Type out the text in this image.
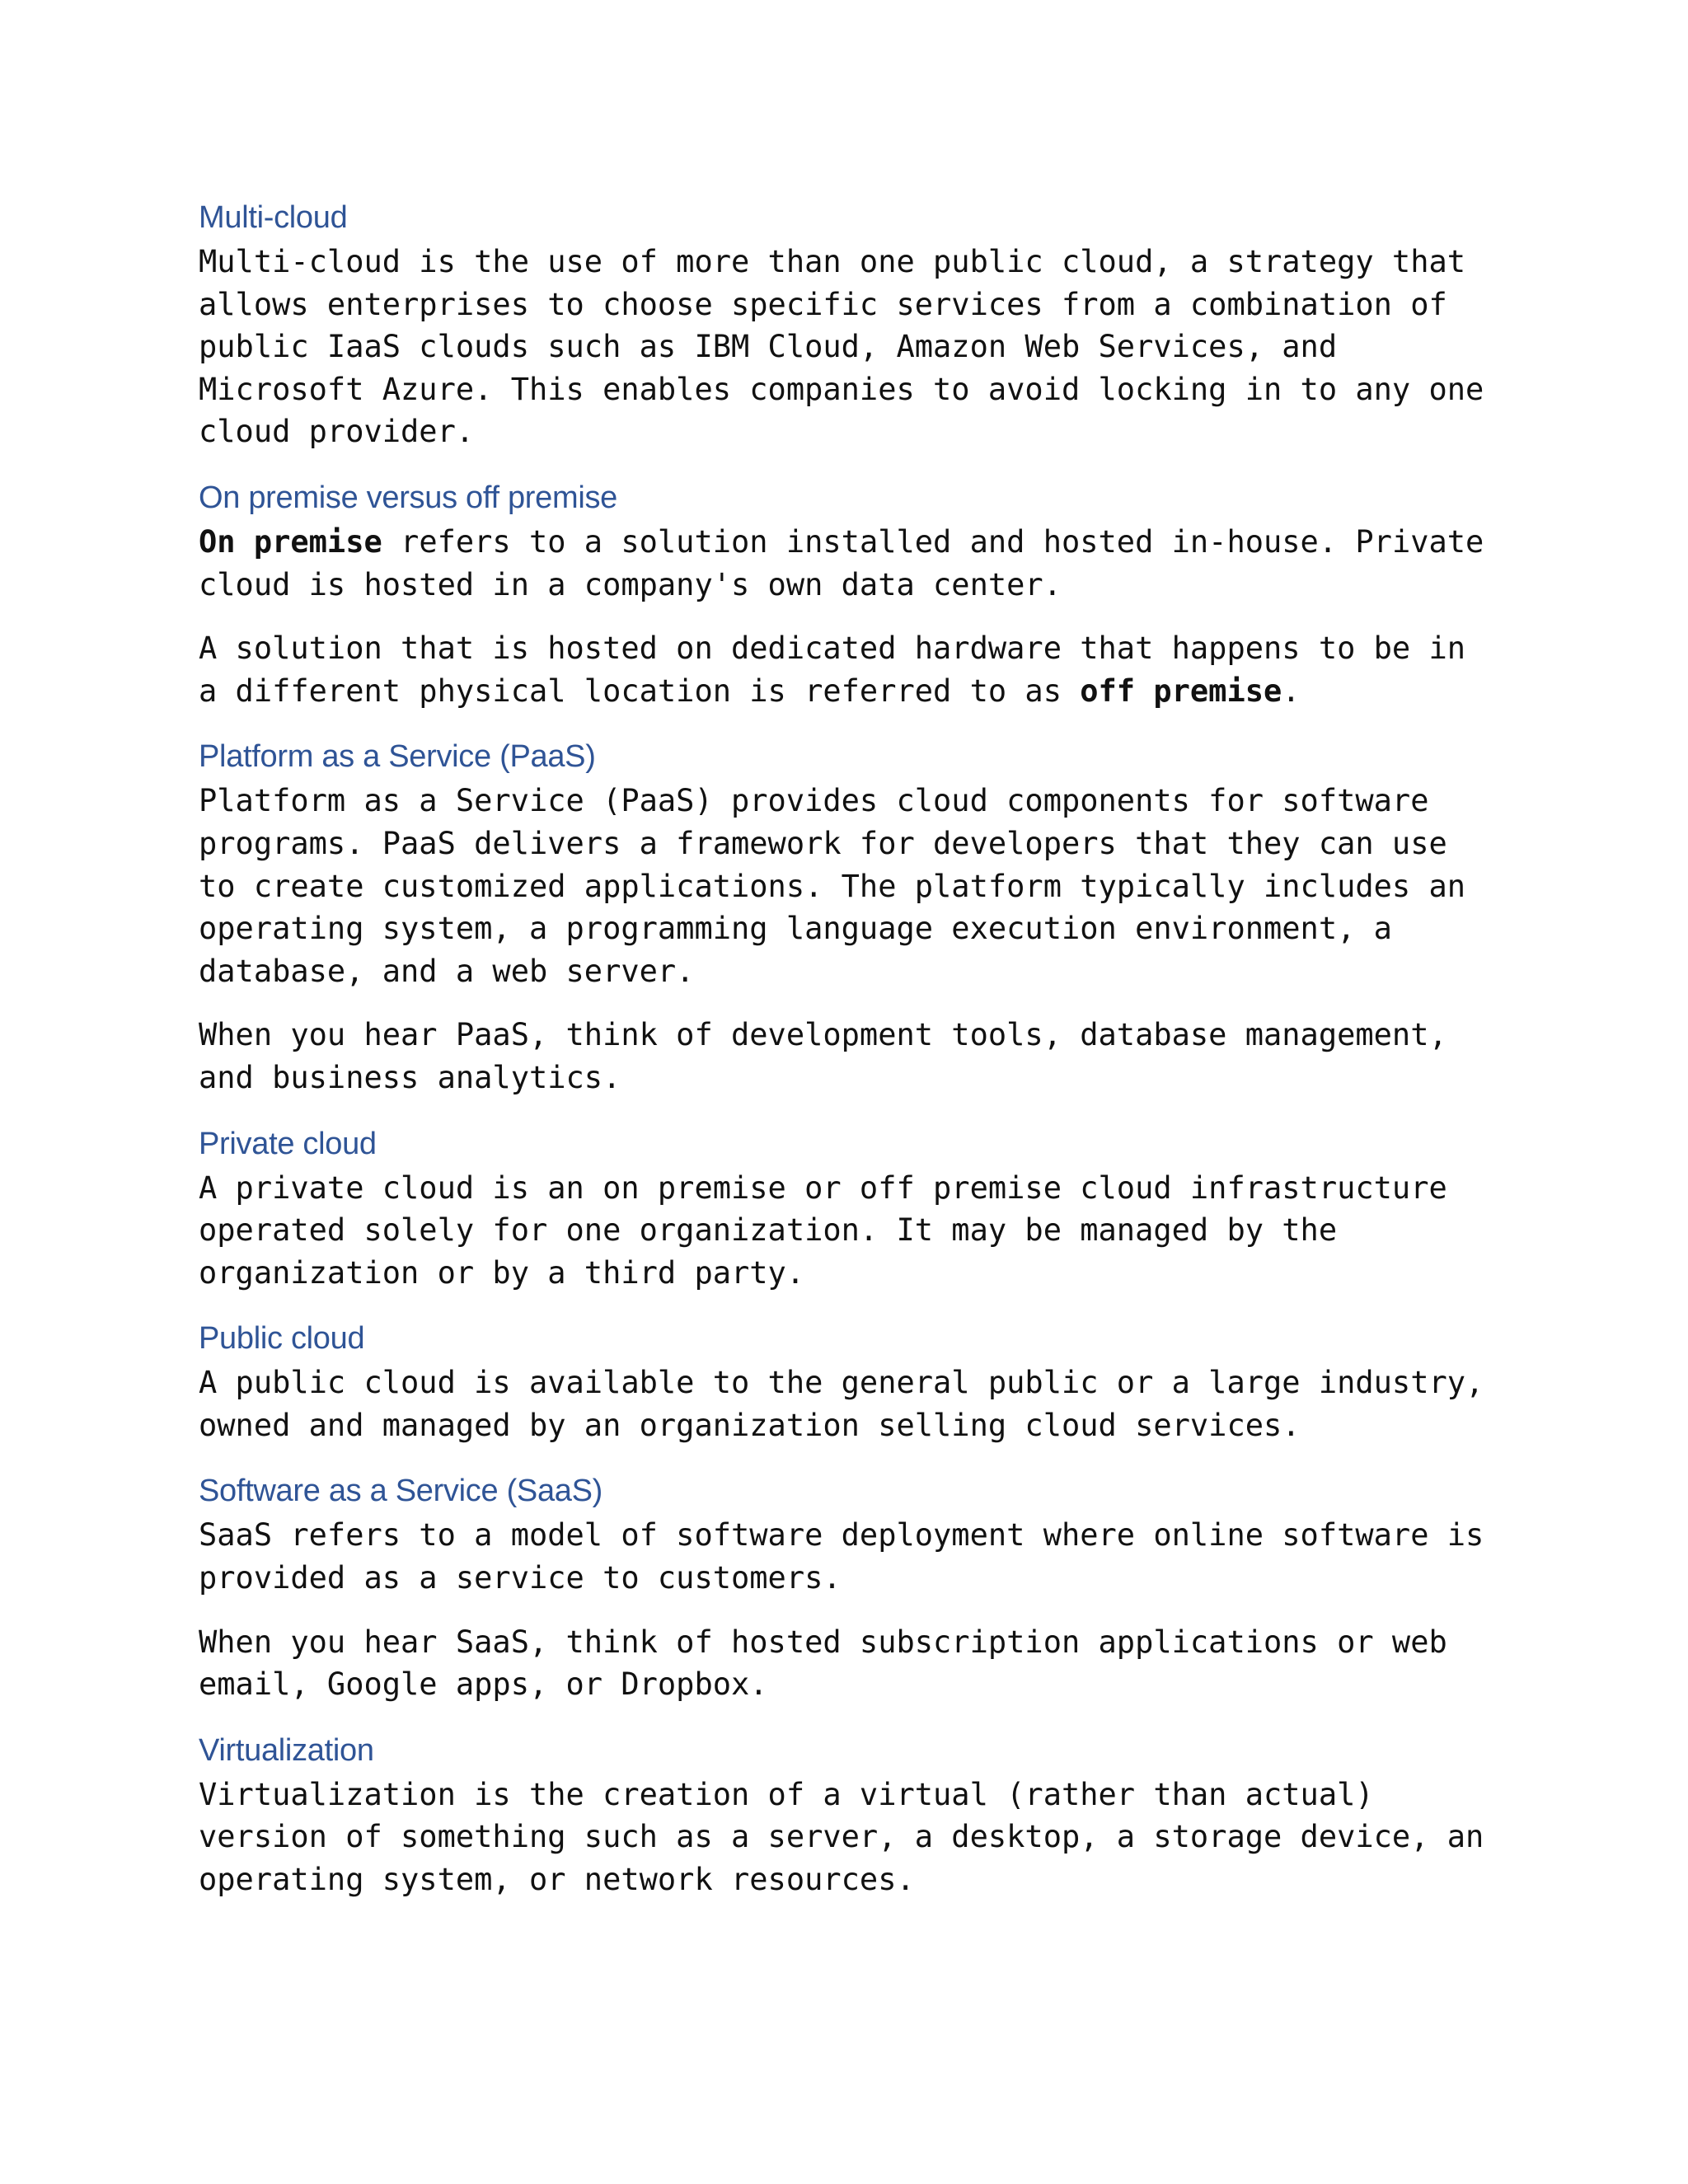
Multi-cloud

Multi-cloud is the use of more than one public cloud, a strategy that allows enterprises to choose specific services from a combination of public IaaS clouds such as IBM Cloud, Amazon Web Services, and Microsoft Azure. This enables companies to avoid locking in to any one cloud provider.

On premise versus off premise

On premise refers to a solution installed and hosted in-house. Private cloud is hosted in a company's own data center.

A solution that is hosted on dedicated hardware that happens to be in a different physical location is referred to as off premise.

Platform as a Service (PaaS)

Platform as a Service (PaaS) provides cloud components for software programs. PaaS delivers a framework for developers that they can use to create customized applications. The platform typically includes an operating system, a programming language execution environment, a database, and a web server.

When you hear PaaS, think of development tools, database management, and business analytics.

Private cloud

A private cloud is an on premise or off premise cloud infrastructure operated solely for one organization. It may be managed by the organization or by a third party.

Public cloud

A public cloud is available to the general public or a large industry, owned and managed by an organization selling cloud services.

Software as a Service (SaaS)

SaaS refers to a model of software deployment where online software is provided as a service to customers.

When you hear SaaS, think of hosted subscription applications or web email, Google apps, or Dropbox.

Virtualization

Virtualization is the creation of a virtual (rather than actual) version of something such as a server, a desktop, a storage device, an operating system, or network resources.
